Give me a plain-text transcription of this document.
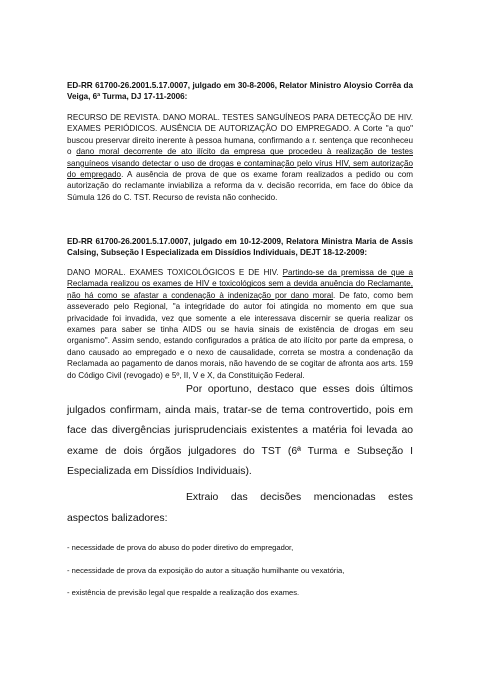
ED-RR 61700-26.2001.5.17.0007, julgado em 30-8-2006, Relator Ministro Aloysio Corrêa da Veiga, 6ª Turma, DJ 17-11-2006:

RECURSO DE REVISTA. DANO MORAL. TESTES SANGUÍNEOS PARA DETECÇÃO DE HIV. EXAMES PERIÓDICOS. AUSÊNCIA DE AUTORIZAÇÃO DO EMPREGADO. A Corte "a quo" buscou preservar direito inerente à pessoa humana, confirmando a r. sentença que reconheceu o dano moral decorrente de ato ilícito da empresa que procedeu à realização de testes sanguíneos visando detectar o uso de drogas e contaminação pelo vírus HIV, sem autorização do empregado. A ausência de prova de que os exame foram realizados a pedido ou com autorização do reclamante inviabiliza a reforma da v. decisão recorrida, em face do óbice da Súmula 126 do C. TST. Recurso de revista não conhecido.

ED-RR 61700-26.2001.5.17.0007, julgado em 10-12-2009, Relatora Ministra Maria de Assis Calsing, Subseção I Especializada em Dissídios Individuais, DEJT 18-12-2009:

DANO MORAL. EXAMES TOXICOLÓGICOS E DE HIV. Partindo-se da premissa de que a Reclamada realizou os exames de HIV e toxicológicos sem a devida anuência do Reclamante, não há como se afastar a condenação à indenização por dano moral. De fato, como bem asseverado pelo Regional, "a integridade do autor foi atingida no momento em que sua privacidade foi invadida, vez que somente a ele interessava discernir se queria realizar os exames para saber se tinha AIDS ou se havia sinais de existência de drogas em seu organismo". Assim sendo, estando configurados a prática de ato ilícito por parte da empresa, o dano causado ao empregado e o nexo de causalidade, correta se mostra a condenação da Reclamada ao pagamento de danos morais, não havendo de se cogitar de afronta aos arts. 159 do Código Civil (revogado) e 5º, II, V e X, da Constituição Federal.

Por oportuno, destaco que esses dois últimos julgados confirmam, ainda mais, tratar-se de tema controvertido, pois em face das divergências jurisprudenciais existentes a matéria foi levada ao exame de dois órgãos julgadores do TST (6ª Turma e Subseção I Especializada em Dissídios Individuais).

Extraio das decisões mencionadas estes aspectos balizadores:

- necessidade de prova do abuso do poder diretivo do empregador,

- necessidade de prova da exposição do autor a situação humilhante ou vexatória,

- existência de previsão legal que respalde a realização dos exames.
